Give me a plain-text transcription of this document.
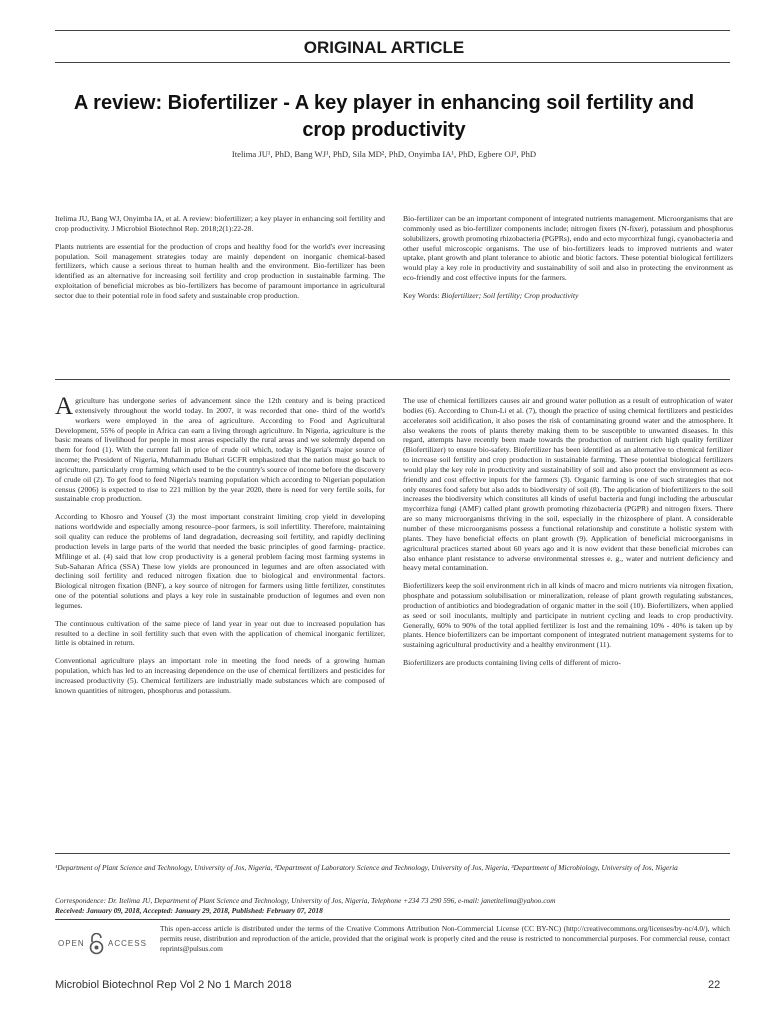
ORIGINAL ARTICLE
A review: Biofertilizer - A key player in enhancing soil fertility and crop productivity
Itelima JU¹, PhD, Bang WJ¹, PhD, Sila MD², PhD, Onyimba IA¹, PhD, Egbere OJ¹, PhD

Itelima JU, Bang WJ, Onyimba IA, et al. A review: biofertilizer; a key player in enhancing soil fertility and crop productivity. J Microbiol Biotechnol Rep. 2018;2(1):22-28.

Plants nutrients are essential for the production of crops and healthy food for the world's ever increasing population. Soil management strategies today are mainly dependent on inorganic chemical-based fertilizers, which cause a serious threat to human health and the environment. Bio-fertilizer has been identified as an alternative for increasing soil fertility and crop production in sustainable farming. The exploitation of beneficial microbes as bio-fertilizers has become of paramount importance in agricultural sector due to their potential role in food safety and sustainable crop production.

Bio-fertilizer can be an important component of integrated nutrients management. Microorganisms that are commonly used as bio-fertilizer components include; nitrogen fixers (N-fixer), potassium and phosphorus solubilizers, growth promoting rhizobacteria (PGPRs), endo and ecto mycorrhizal fungi, cyanobacteria and other useful microscopic organisms. The use of bio-fertilizers leads to improved nutrients and water uptake, plant growth and plant tolerance to abiotic and biotic factors. These potential biological fertilizers would play a key role in productivity and sustainability of soil and also in protecting the environment as eco-friendly and cost effective inputs for the farmers.

Key Words: Biofertilizer; Soil fertility; Crop productivity

A griculture has undergone series of advancement since the 12th century and is being practiced extensively throughout the world today. In 2007, it was recorded that one- third of the world's workers were employed in the area of agriculture. According to Food and Agricultural Development, 55% of people in Africa can earn a living through agriculture. In Nigeria, agriculture is the basic means of livelihood for people in most areas especially the rural areas and we solemnly depend on them for food (1). With the current fall in price of crude oil which, today is Nigeria's major source of income; the President of Nigeria, Muhammadu Buhari GCFR emphasized that the nation must go back to agriculture, particularly crop farming which used to be the country's source of income before the discovery of crude oil (2). To get food to feed Nigeria's teaming population which according to Nigerian population census (2006) is expected to rise to 221 million by the year 2020, there is need for very fertile soils, for sustainable crop production.

According to Khosro and Yousef (3) the most important constraint limiting crop yield in developing nations worldwide and especially among resource–poor farmers, is soil infertility. Therefore, maintaining soil quality can reduce the problems of land degradation, decreasing soil fertility, and rapidly declining production levels in large parts of the world that needed the basic principles of good farming- practice. Mfilinge et al. (4) said that low crop productivity is a general problem facing most farming systems in Sub-Saharan Africa (SSA) These low yields are pronounced in legumes and are often associated with declining soil fertility and reduced nitrogen fixation due to biological and environmental factors. Biological nitrogen fixation (BNF), a key source of nitrogen for farmers using little fertilizer, constitutes one of the potential solutions and plays a key role in sustainable production of legumes and even non legumes.

The continuous cultivation of the same piece of land year in year out due to increased population has resulted to a decline in soil fertility such that even with the application of chemical inorganic fertilizer, little is obtained in return.

Conventional agriculture plays an important role in meeting the food needs of a growing human population, which has led to an increasing dependence on the use of chemical fertilizers and pesticides for increased productivity (5). Chemical fertilizers are industrially made substances which are composed of known quantities of nitrogen, phosphorus and potassium.

The use of chemical fertilizers causes air and ground water pollution as a result of eutrophication of water bodies (6). According to Chun-Li et al. (7), though the practice of using chemical fertilizers and pesticides accelerates soil acidification, it also poses the risk of contaminating ground water and the atmosphere. It also weakens the roots of plants thereby making them to be susceptible to unwanted diseases. In this regard, attempts have recently been made towards the production of nutrient rich high quality fertilizer (Biofertilizer) to ensure bio-safety. Biofertilizer has been identified as an alternative to chemical fertilizer to increase soil fertility and crop production in sustainable farming. These potential biological fertilizers would play the key role in productivity and sustainability of soil and also protect the environment as eco-friendly and cost effective inputs for the farmers (3). Organic farming is one of such strategies that not only ensures food safety but also adds to biodiversity of soil (8). The application of biofertilizers to the soil increases the biodiversity which constitutes all kinds of useful bacteria and fungi including the arbuscular mycorrhiza fungi (AMF) called plant growth promoting rhizobacteria (PGPR) and nitrogen fixers. There are so many microorganisms thriving in the soil, especially in the rhizosphere of plant. A considerable number of these microorganisms possess a functional relationship and constitute a holistic system with plants. They have beneficial effects on plant growth (9). Application of beneficial microorganisms in agricultural practices started about 60 years ago and it is now evident that these beneficial microbes can also enhance plant resistance to adverse environmental stresses e. g., water and nutrient deficiency and heavy metal contamination.

Biofertilizers keep the soil environment rich in all kinds of macro and micro nutrients via nitrogen fixation, phosphate and potassium solubilisation or mineralization, release of plant growth regulating substances, production of antibiotics and biodegradation of organic matter in the soil (10). Biofertilizers, when applied as seed or soil inoculants, multiply and participate in nutrient cycling and leads to crop productivity. Generally, 60% to 90% of the total applied fertilizer is lost and the remaining 10% - 40% is taken up by plants. Hence biofertilizers can be important component of integrated nutrient management systems for to sustaining agricultural productivity and a healthy environment (11).

Biofertilizers are products containing living cells of different of micro-

¹Department of Plant Science and Technology, University of Jos, Nigeria, ²Department of Laboratory Science and Technology, University of Jos, Nigeria, ³Department of Microbiology, University of Jos, Nigeria
Correspondence: Dr. Itelima JU, Department of Plant Science and Technology, University of Jos, Nigeria, Telephone +234 73 290 596, e-mail: janetitelima@yahoo.com
Received: January 09, 2018, Accepted: January 29, 2018, Published: February 07, 2018
OPEN	ACCESS
This open-access article is distributed under the terms of the Creative Commons Attribution Non-Commercial License (CC BY-NC) (http://creativecommons.org/licenses/by-nc/4.0/), which permits reuse, distribution and reproduction of the article, provided that the original work is properly cited and the reuse is restricted to noncommercial purposes. For commercial reuse, contact reprints@pulsus.com
Microbiol Biotechnol Rep Vol 2 No 1 March 2018	22
